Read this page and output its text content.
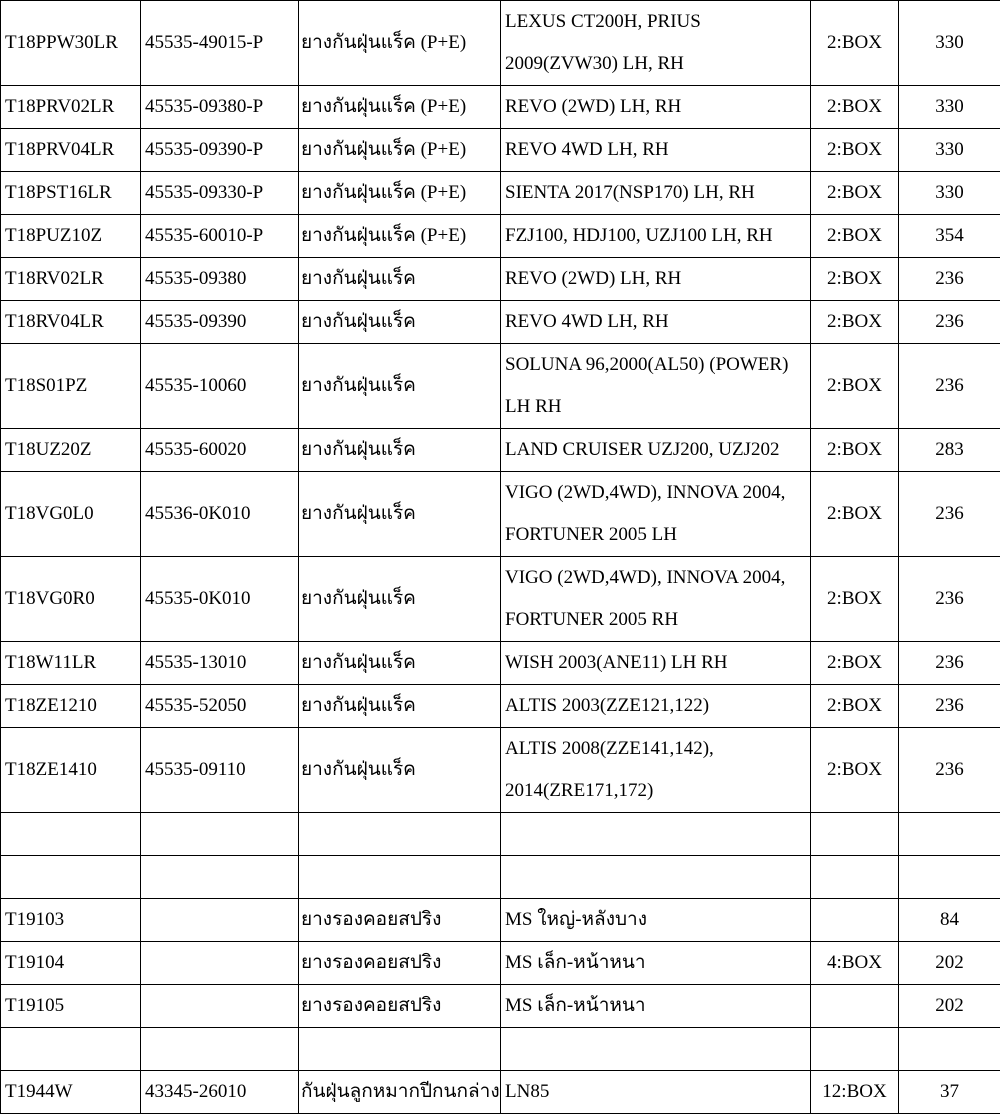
T18PPW30LR	45535-49015-P	ยางกันฝุ่นแร็ค (P+E)	LEXUS CT200H, PRIUS
2009(ZVW30) LH, RH	2:BOX	330
T18PRV02LR	45535-09380-P	ยางกันฝุ่นแร็ค (P+E)	REVO (2WD) LH, RH	2:BOX	330
T18PRV04LR	45535-09390-P	ยางกันฝุ่นแร็ค (P+E)	REVO 4WD LH, RH	2:BOX	330
T18PST16LR	45535-09330-P	ยางกันฝุ่นแร็ค (P+E)	SIENTA 2017(NSP170) LH, RH	2:BOX	330
T18PUZ10Z	45535-60010-P	ยางกันฝุ่นแร็ค (P+E)	FZJ100, HDJ100, UZJ100 LH, RH	2:BOX	354
T18RV02LR	45535-09380	ยางกันฝุ่นแร็ค	REVO (2WD) LH, RH	2:BOX	236
T18RV04LR	45535-09390	ยางกันฝุ่นแร็ค	REVO 4WD LH, RH	2:BOX	236
T18S01PZ	45535-10060	ยางกันฝุ่นแร็ค	SOLUNA 96,2000(AL50) (POWER)
LH RH	2:BOX	236
T18UZ20Z	45535-60020	ยางกันฝุ่นแร็ค	LAND CRUISER UZJ200, UZJ202	2:BOX	283
T18VG0L0	45536-0K010	ยางกันฝุ่นแร็ค	VIGO (2WD,4WD), INNOVA 2004,
FORTUNER 2005 LH	2:BOX	236
T18VG0R0	45535-0K010	ยางกันฝุ่นแร็ค	VIGO (2WD,4WD), INNOVA 2004,
FORTUNER 2005 RH	2:BOX	236
T18W11LR	45535-13010	ยางกันฝุ่นแร็ค	WISH 2003(ANE11) LH RH	2:BOX	236
T18ZE1210	45535-52050	ยางกันฝุ่นแร็ค	ALTIS 2003(ZZE121,122)	2:BOX	236
T18ZE1410	45535-09110	ยางกันฝุ่นแร็ค	ALTIS 2008(ZZE141,142),
2014(ZRE171,172)	2:BOX	236

T19103		ยางรองคอยสปริง	MS ใหญ่-หลังบาง		84
T19104		ยางรองคอยสปริง	MS เล็ก-หน้าหนา	4:BOX	202
T19105		ยางรองคอยสปริง	MS เล็ก-หน้าหนา		202

T1944W	43345-26010	กันฝุ่นลูกหมากปีกนกล่าง	LN85	12:BOX	37
